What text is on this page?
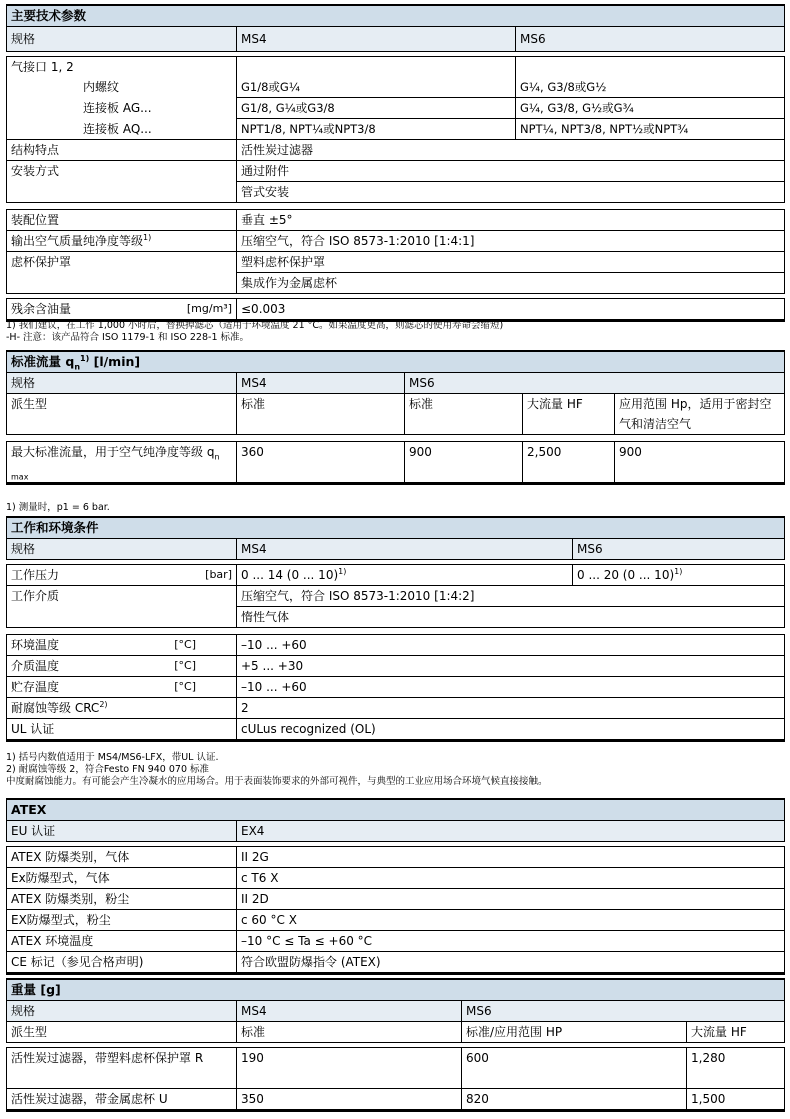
主要技术参数		
规格	MS4	MS6

气接口 1, 2		
内螺纹	G1/8或G¼	G¼, G3/8或G½
连接板 AG...	G1/8, G¼或G3/8	G¼, G3/8, G½或G¾
连接板 AQ...	NPT1/8, NPT¼或NPT3/8	NPT¼, NPT3/8, NPT½或NPT¾
结构特点	活性炭过滤器	
安装方式	通过附件	
	管式安装	

装配位置	垂直 ±5°	
输出空气质量纯净度等级$^{1)}$	压缩空气，符合 ISO 8573-1:2010 [1:4:1]	
虑杯保护罩	塑料虑杯保护罩	
	集成作为金属虑杯	

残余含油量 [mg/m³]	≤0.003	
1) 我们建议，在工作 1,000 小时后，替换掉滤芯（适用于环境温度 21 °C。如果温度更高，则滤芯的使用寿命会缩短)
-H- 注意：该产品符合 ISO 1179-1 和 ISO 228-1 标准。
标准流量 $q_n^{1)}$ [l/min]				
规格	MS4	MS6		
派生型	标准	标准	大流量 HF	应用范围 Hp，适用于密封空气和清洁空气

最大标准流量，用于空气纯净度等级 $q_{n max}$	360	900	2,500	900
1) 测量时，p1 = 6 bar.
工作和环境条件		
规格	MS4	MS6

工作压力 [bar]	0 ... 14 (0 ... 10)$^{1)}$	0 ... 20 (0 ... 10)$^{1)}$
工作介质	压缩空气，符合 ISO 8573-1:2010 [1:4:2]	
	惰性气体	

环境温度 [°C]	–10 ... +60	
介质温度 [°C]	+5 ... +30	
贮存温度 [°C]	–10 ... +60	
耐腐蚀等级 CRC$^{2)}$	2	
UL 认证	cULus recognized (OL)	
1) 括号内数值适用于 MS4/MS6-LFX，带UL 认证.
2) 耐腐蚀等级 2，符合Festo FN 940 070 标准
中度耐腐蚀能力。有可能会产生冷凝水的应用场合。用于表面装饰要求的外部可视件，与典型的工业应用场合环境气候直接接触。
ATEX	
EU 认证	EX4

ATEX 防爆类别，气体	II 2G
Ex防爆型式，气体	c T6 X
ATEX 防爆类别，粉尘	II 2D
EX防爆型式，粉尘	c 60 °C X
ATEX 环境温度	–10 °C ≤ Ta ≤ +60 °C
CE 标记（参见合格声明)	符合欧盟防爆指令 (ATEX)
重量 [g]			
规格	MS4	MS6	
派生型	标准	标准/应用范围 HP	大流量 HF

活性炭过滤器，带塑料虑杯保护罩 R	190	600	1,280
活性炭过滤器，带金属虑杯 U	350	820	1,500
